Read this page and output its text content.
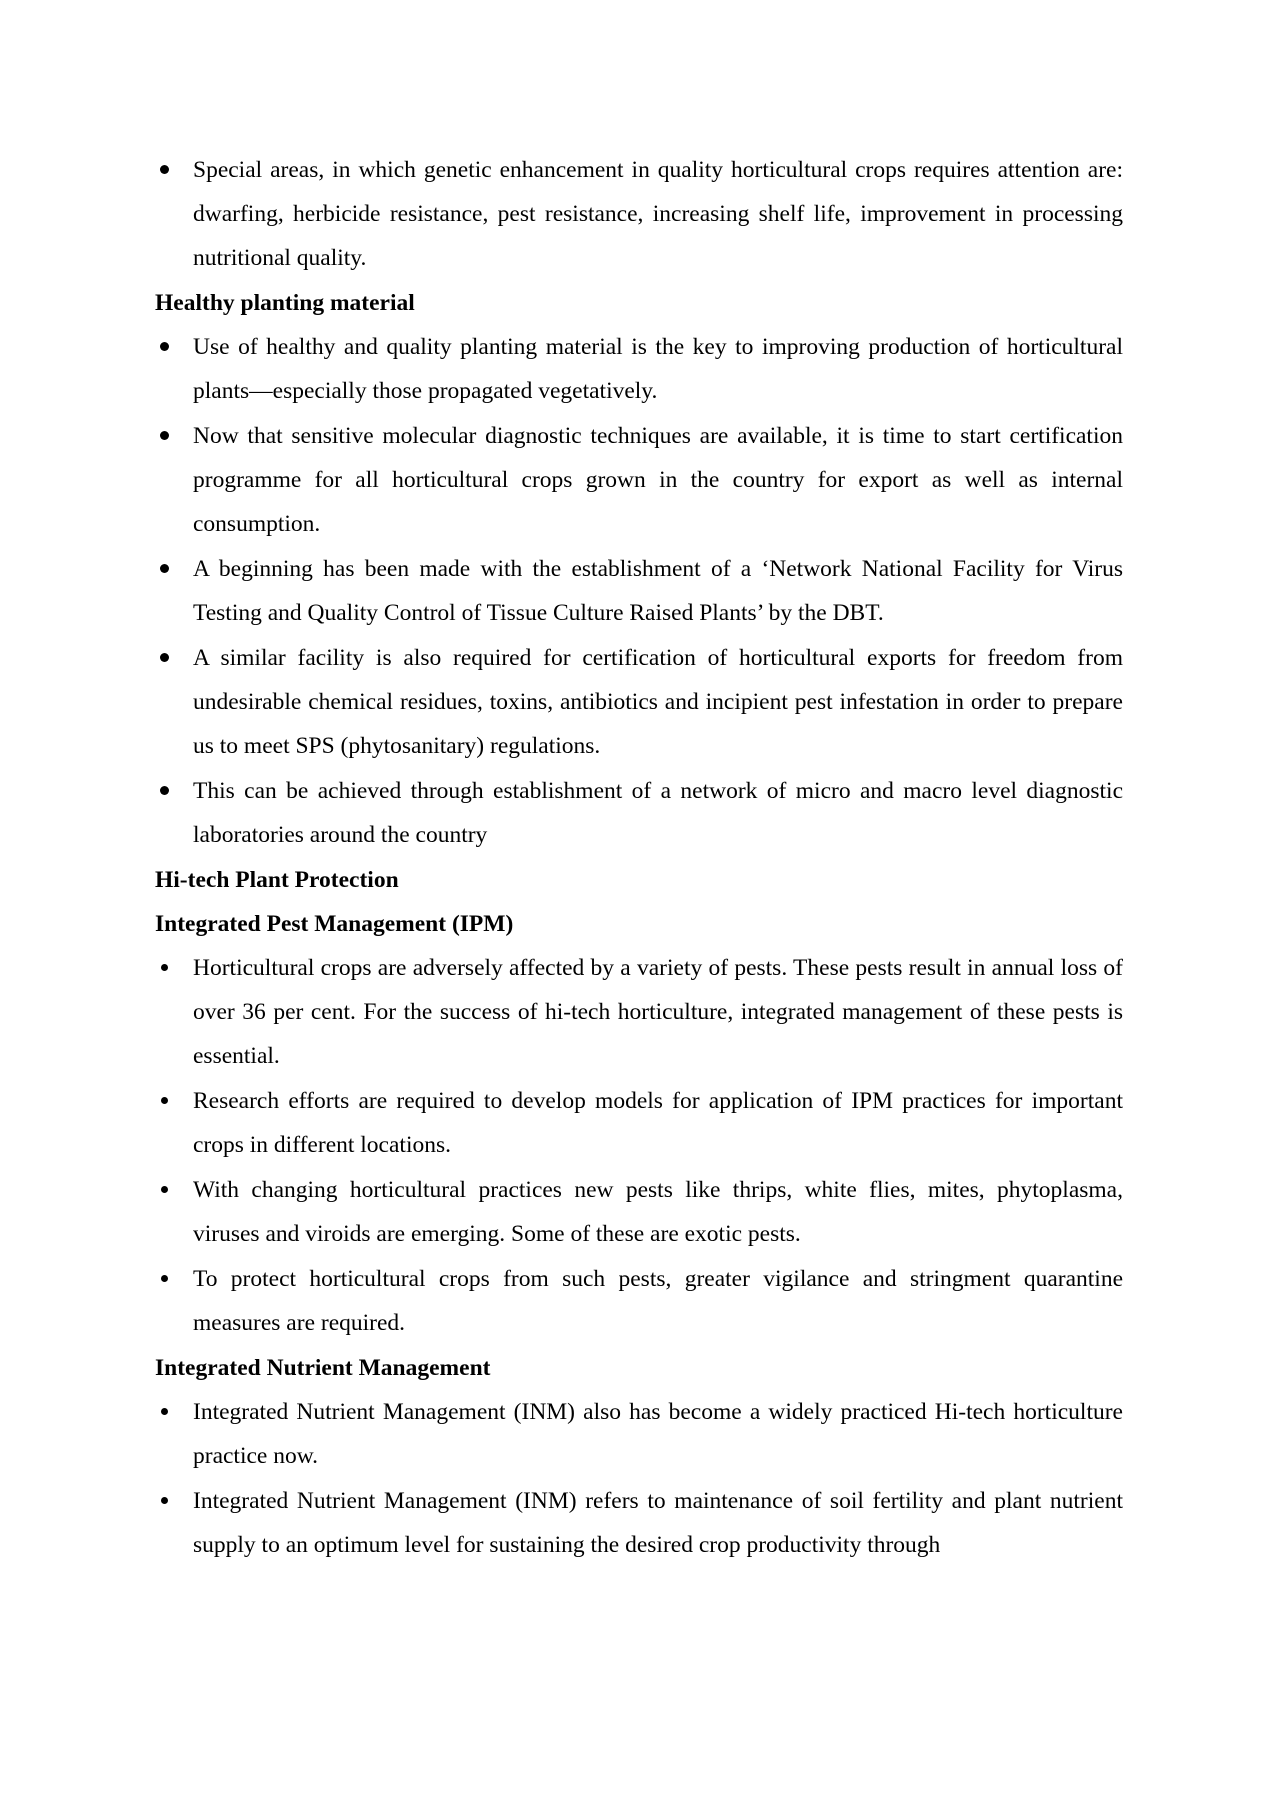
Special areas, in which genetic enhancement in quality horticultural crops requires attention are: dwarfing, herbicide resistance, pest resistance, increasing shelf life, improvement in processing nutritional quality.
Healthy planting material
Use of healthy and quality planting material is the key to improving production of horticultural plants—especially those propagated vegetatively.
Now that sensitive molecular diagnostic techniques are available, it is time to start certification programme for all horticultural crops grown in the country for export as well as internal consumption.
A beginning has been made with the establishment of a ‘Network National Facility for Virus Testing and Quality Control of Tissue Culture Raised Plants’ by the DBT.
A similar facility is also required for certification of horticultural exports for freedom from undesirable chemical residues, toxins, antibiotics and incipient pest infestation in order to prepare us to meet SPS (phytosanitary) regulations.
This can be achieved through establishment of a network of micro and macro level diagnostic laboratories around the country
Hi-tech Plant Protection
Integrated Pest Management (IPM)
Horticultural crops are adversely affected by a variety of pests. These pests result in annual loss of over 36 per cent. For the success of hi-tech horticulture, integrated management of these pests is essential.
Research efforts are required to develop models for application of IPM practices for important crops in different locations.
With changing horticultural practices new pests like thrips, white flies, mites, phytoplasma, viruses and viroids are emerging. Some of these are exotic pests.
To protect horticultural crops from such pests, greater vigilance and stringment quarantine measures are required.
Integrated Nutrient Management
Integrated Nutrient Management (INM) also has become a widely practiced Hi-tech horticulture practice now.
Integrated Nutrient Management (INM) refers to maintenance of soil fertility and plant nutrient supply to an optimum level for sustaining the desired crop productivity through
